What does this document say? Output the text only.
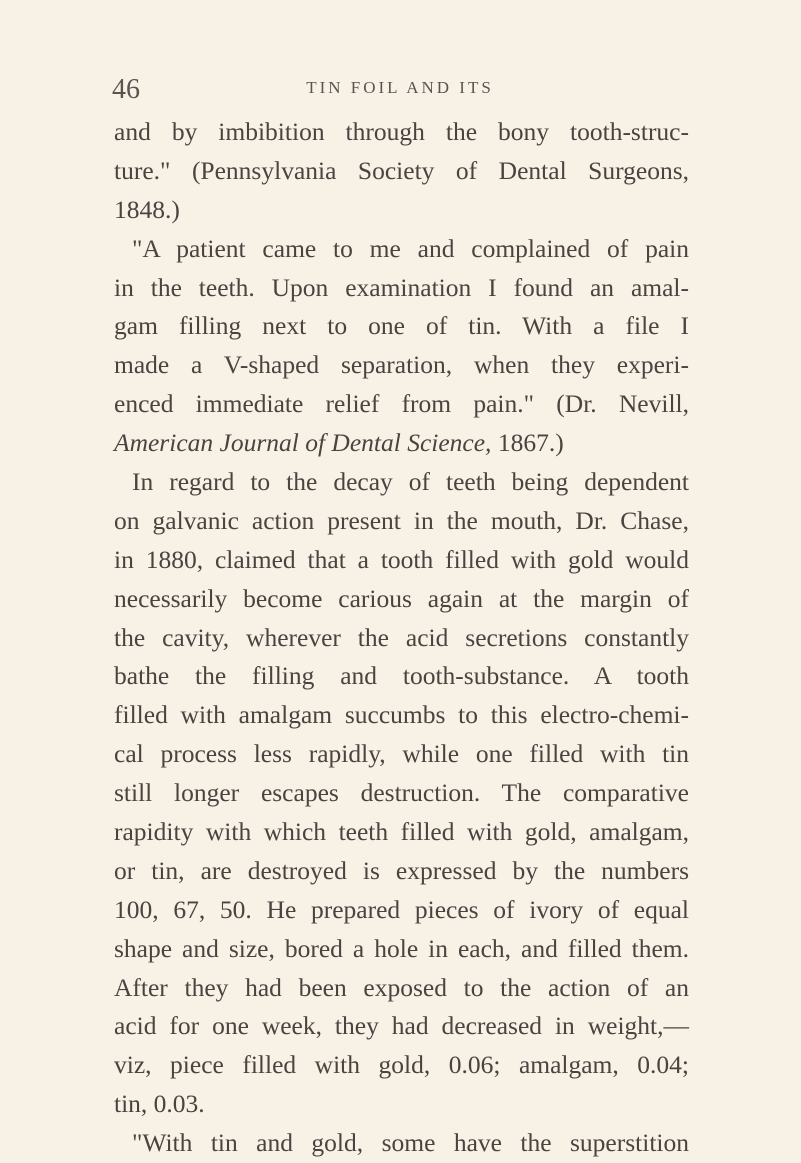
46	TIN FOIL AND ITS
and by imbibition through the bony tooth-struc-
ture." (Pennsylvania Society of Dental Surgeons,
1848.)
"A patient came to me and complained of pain
in the teeth. Upon examination I found an amal-
gam filling next to one of tin. With a file I
made a V-shaped separation, when they experi-
enced immediate relief from pain." (Dr. Nevill,
American Journal of Dental Science, 1867.)
In regard to the decay of teeth being dependent
on galvanic action present in the mouth, Dr. Chase,
in 1880, claimed that a tooth filled with gold would
necessarily become carious again at the margin of
the cavity, wherever the acid secretions constantly
bathe the filling and tooth-substance. A tooth
filled with amalgam succumbs to this electro-chemi-
cal process less rapidly, while one filled with tin
still longer escapes destruction. The comparative
rapidity with which teeth filled with gold, amalgam,
or tin, are destroyed is expressed by the numbers
100, 67, 50. He prepared pieces of ivory of equal
shape and size, bored a hole in each, and filled them.
After they had been exposed to the action of an
acid for one week, they had decreased in weight,—
viz, piece filled with gold, 0.06; amalgam, 0.04;
tin, 0.03.
"With tin and gold, some have the superstition
